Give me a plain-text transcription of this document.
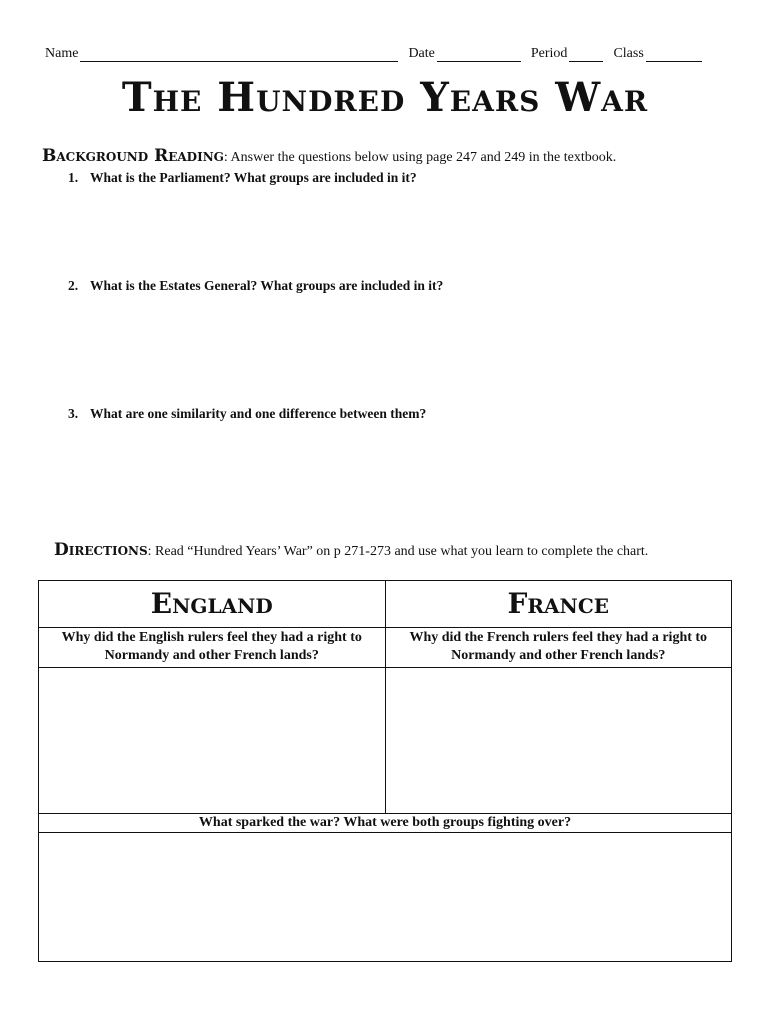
Name	Date	Period	Class
The Hundred Years War
Background Reading: Answer the questions below using page 247 and 249 in the textbook.
1. What is the Parliament? What groups are included in it?
2. What is the Estates General? What groups are included in it?
3. What are one similarity and one difference between them?
Directions: Read “Hundred Years’ War” on p 271-273 and use what you learn to complete the chart.
England	France
Why did the English rulers feel they had a right to Normandy and other French lands?	Why did the French rulers feel they had a right to Normandy and other French lands?

What sparked the war? What were both groups fighting over?	
